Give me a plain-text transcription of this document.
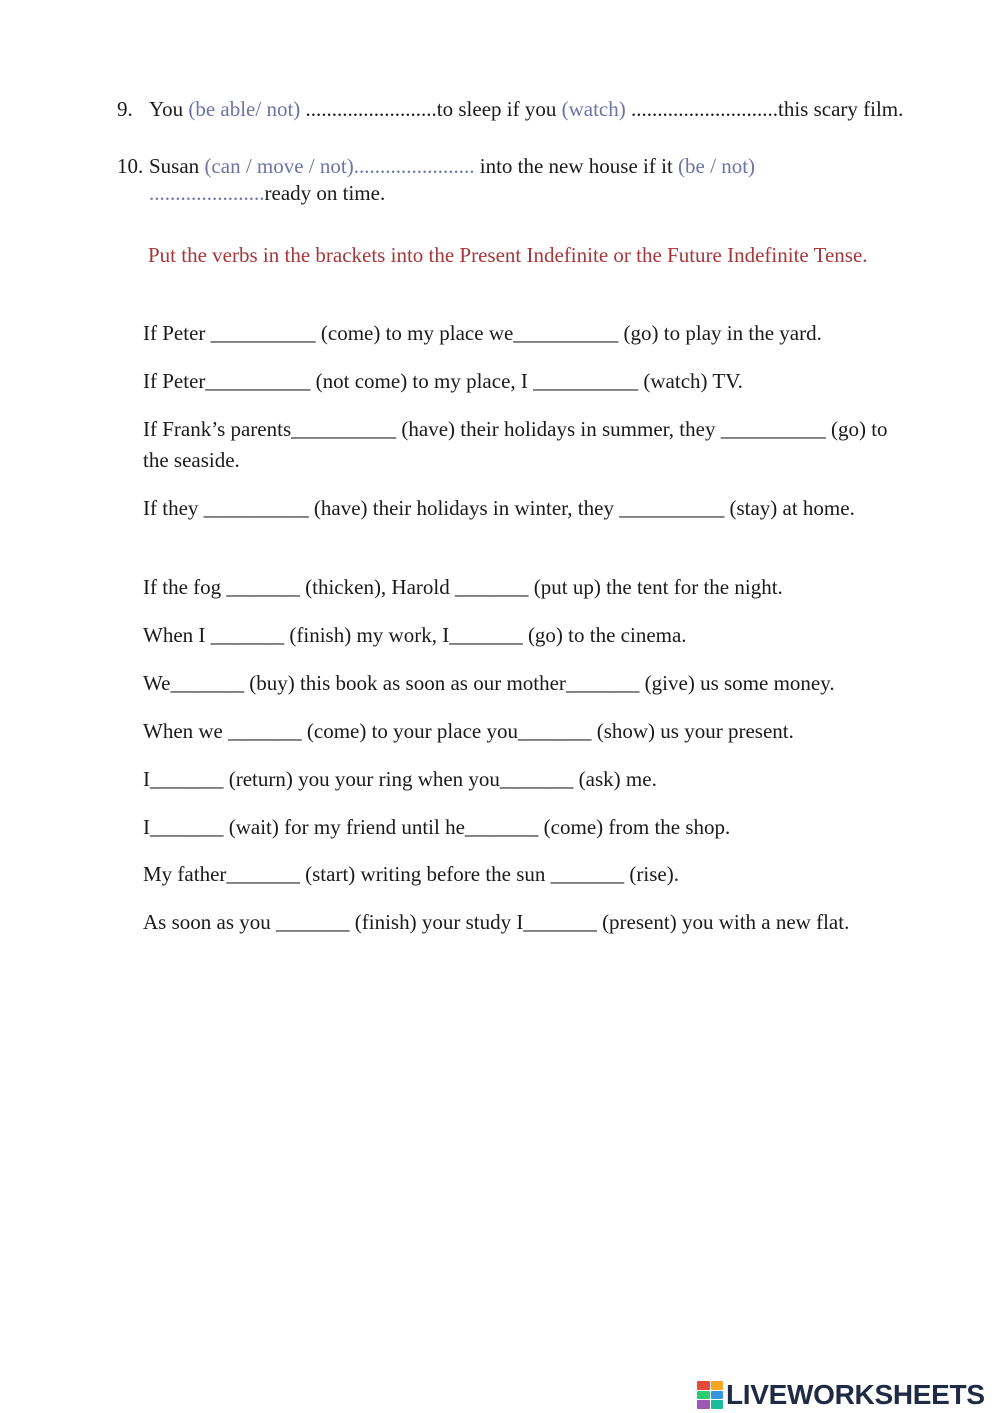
9. You (be able/ not) .........................to sleep if you (watch) ............................this scary film.
10. Susan (can / move / not)....................... into the new house if it (be / not) ......................ready on time.
Put the verbs in the brackets into the Present Indefinite or the Future Indefinite Tense.
If Peter __________ (come) to my place we__________ (go) to play in the yard.
If Peter__________ (not come) to my place, I __________ (watch) TV.
If Frank’s parents__________ (have) their holidays in summer, they __________ (go) to the seaside.
If they __________ (have) their holidays in winter, they __________ (stay) at home.
If the fog _______ (thicken), Harold _______ (put up) the tent for the night.
When I _______ (finish) my work, I_______ (go) to the cinema.
We_______ (buy) this book as soon as our mother_______ (give) us some money.
When we _______ (come) to your place you_______ (show) us your present.
I_______ (return) you your ring when you_______ (ask) me.
I_______ (wait) for my friend until he_______ (come) from the shop.
My father_______ (start) writing before the sun _______ (rise).
As soon as you _______ (finish) your study I_______ (present) you with a new flat.
LIVEWORKSHEETS
